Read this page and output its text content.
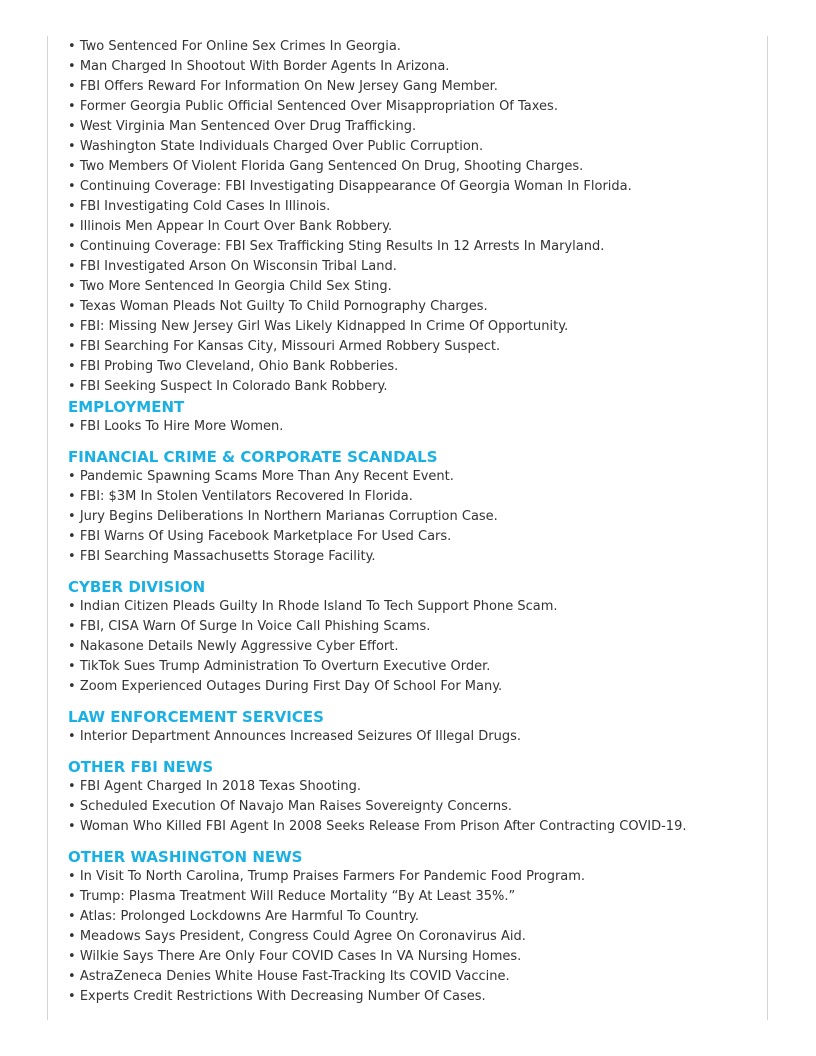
• Two Sentenced For Online Sex Crimes In Georgia.
• Man Charged In Shootout With Border Agents In Arizona.
• FBI Offers Reward For Information On New Jersey Gang Member.
• Former Georgia Public Official Sentenced Over Misappropriation Of Taxes.
• West Virginia Man Sentenced Over Drug Trafficking.
• Washington State Individuals Charged Over Public Corruption.
• Two Members Of Violent Florida Gang Sentenced On Drug, Shooting Charges.
• Continuing Coverage: FBI Investigating Disappearance Of Georgia Woman In Florida.
• FBI Investigating Cold Cases In Illinois.
• Illinois Men Appear In Court Over Bank Robbery.
• Continuing Coverage: FBI Sex Trafficking Sting Results In 12 Arrests In Maryland.
• FBI Investigated Arson On Wisconsin Tribal Land.
• Two More Sentenced In Georgia Child Sex Sting.
• Texas Woman Pleads Not Guilty To Child Pornography Charges.
• FBI: Missing New Jersey Girl Was Likely Kidnapped In Crime Of Opportunity.
• FBI Searching For Kansas City, Missouri Armed Robbery Suspect.
• FBI Probing Two Cleveland, Ohio Bank Robberies.
• FBI Seeking Suspect In Colorado Bank Robbery.
EMPLOYMENT
• FBI Looks To Hire More Women.
FINANCIAL CRIME & CORPORATE SCANDALS
• Pandemic Spawning Scams More Than Any Recent Event.
• FBI: $3M In Stolen Ventilators Recovered In Florida.
• Jury Begins Deliberations In Northern Marianas Corruption Case.
• FBI Warns Of Using Facebook Marketplace For Used Cars.
• FBI Searching Massachusetts Storage Facility.
CYBER DIVISION
• Indian Citizen Pleads Guilty In Rhode Island To Tech Support Phone Scam.
• FBI, CISA Warn Of Surge In Voice Call Phishing Scams.
• Nakasone Details Newly Aggressive Cyber Effort.
• TikTok Sues Trump Administration To Overturn Executive Order.
• Zoom Experienced Outages During First Day Of School For Many.
LAW ENFORCEMENT SERVICES
• Interior Department Announces Increased Seizures Of Illegal Drugs.
OTHER FBI NEWS
• FBI Agent Charged In 2018 Texas Shooting.
• Scheduled Execution Of Navajo Man Raises Sovereignty Concerns.
• Woman Who Killed FBI Agent In 2008 Seeks Release From Prison After Contracting COVID-19.
OTHER WASHINGTON NEWS
• In Visit To North Carolina, Trump Praises Farmers For Pandemic Food Program.
• Trump: Plasma Treatment Will Reduce Mortality “By At Least 35%.”
• Atlas: Prolonged Lockdowns Are Harmful To Country.
• Meadows Says President, Congress Could Agree On Coronavirus Aid.
• Wilkie Says There Are Only Four COVID Cases In VA Nursing Homes.
• AstraZeneca Denies White House Fast-Tracking Its COVID Vaccine.
• Experts Credit Restrictions With Decreasing Number Of Cases.
